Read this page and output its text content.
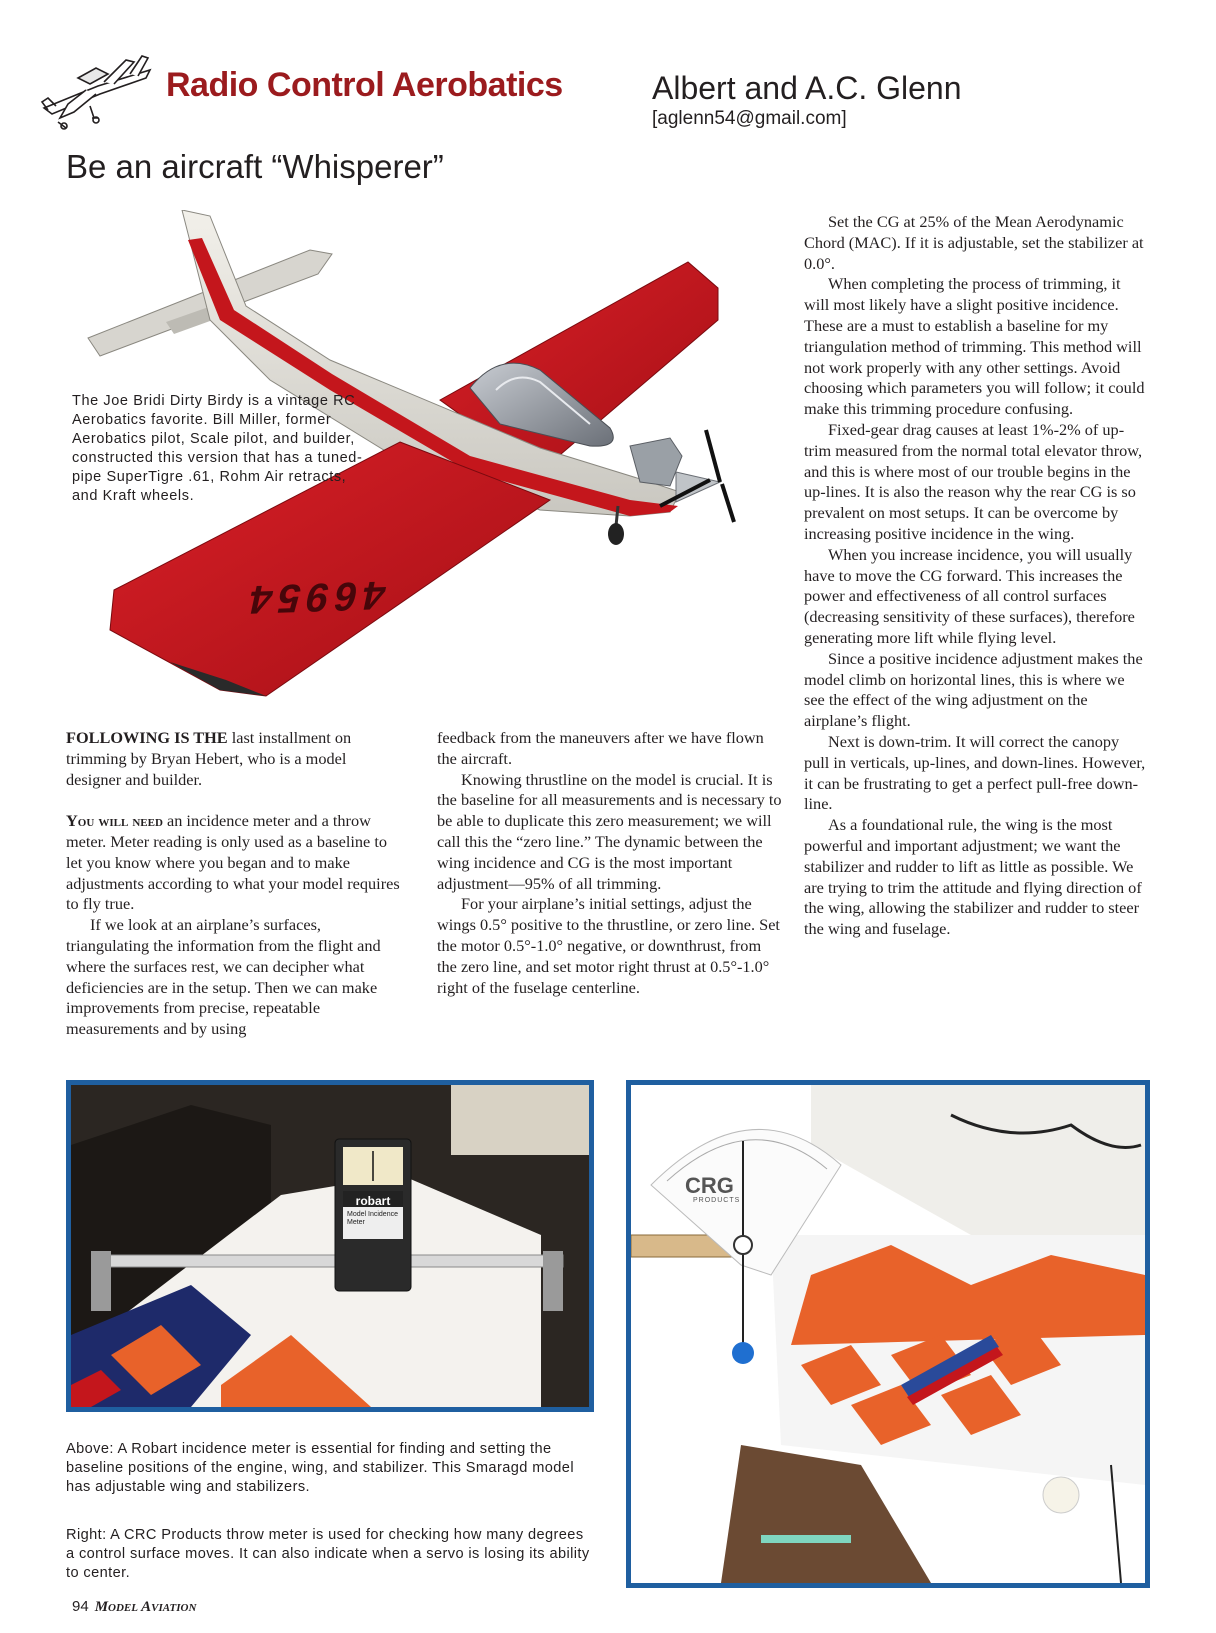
Radio Control Aerobatics	Albert and A.C. Glenn
[aglenn54@gmail.com]
Be an aircraft “Whisperer”
The Joe Bridi Dirty Birdy is a vintage RC Aerobatics favorite. Bill Miller, former Aerobatics pilot, Scale pilot, and builder, constructed this version that has a tuned-pipe SuperTigre .61, Rohm Air retracts, and Kraft wheels.
46954

FOLLOWING IS THE last installment on trimming by Bryan Hebert, who is a model designer and builder.

You will need an incidence meter and a throw meter. Meter reading is only used as a baseline to let you know where you began and to make adjustments according to what your model requires to fly true.

If we look at an airplane’s surfaces, triangulating the information from the flight and where the surfaces rest, we can decipher what deficiencies are in the setup. Then we can make improvements from precise, repeatable measurements and by using

feedback from the maneuvers after we have flown the aircraft.

Knowing thrustline on the model is crucial. It is the baseline for all measurements and is necessary to be able to duplicate this zero measurement; we will call this the “zero line.” The dynamic between the wing incidence and CG is the most important adjustment—95% of all trimming.

For your airplane’s initial settings, adjust the wings 0.5° positive to the thrustline, or zero line. Set the motor 0.5°-1.0° negative, or downthrust, from the zero line, and set motor right thrust at 0.5°-1.0° right of the fuselage centerline.

Set the CG at 25% of the Mean Aerodynamic Chord (MAC). If it is adjustable, set the stabilizer at 0.0°.

When completing the process of trimming, it will most likely have a slight positive incidence. These are a must to establish a baseline for my triangulation method of trimming. This method will not work properly with any other settings. Avoid choosing which parameters you will follow; it could make this trimming procedure confusing.

Fixed-gear drag causes at least 1%-2% of up-trim measured from the normal total elevator throw, and this is where most of our trouble begins in the up-lines. It is also the reason why the rear CG is so prevalent on most setups. It can be overcome by increasing positive incidence in the wing.

When you increase incidence, you will usually have to move the CG forward. This increases the power and effectiveness of all control surfaces (decreasing sensitivity of these surfaces), therefore generating more lift while flying level.

Since a positive incidence adjustment makes the model climb on horizontal lines, this is where we see the effect of the wing adjustment on the airplane’s flight.

Next is down-trim. It will correct the canopy pull in verticals, up-lines, and down-lines. However, it can be frustrating to get a perfect pull-free down-line.

As a foundational rule, the wing is the most powerful and important adjustment; we want the stabilizer and rudder to lift as little as possible. We are trying to trim the attitude and flying direction of the wing, allowing the stabilizer and rudder to steer the wing and fuselage.

robart
Model Incidence Meter
CRG
PRODUCTS
Above: A Robart incidence meter is essential for finding and setting the baseline positions of the engine, wing, and stabilizer. This Smaragd model has adjustable wing and stabilizers.
Right: A CRC Products throw meter is used for checking how many degrees a control surface moves. It can also indicate when a servo is losing its ability to center.
94 Model Aviation
